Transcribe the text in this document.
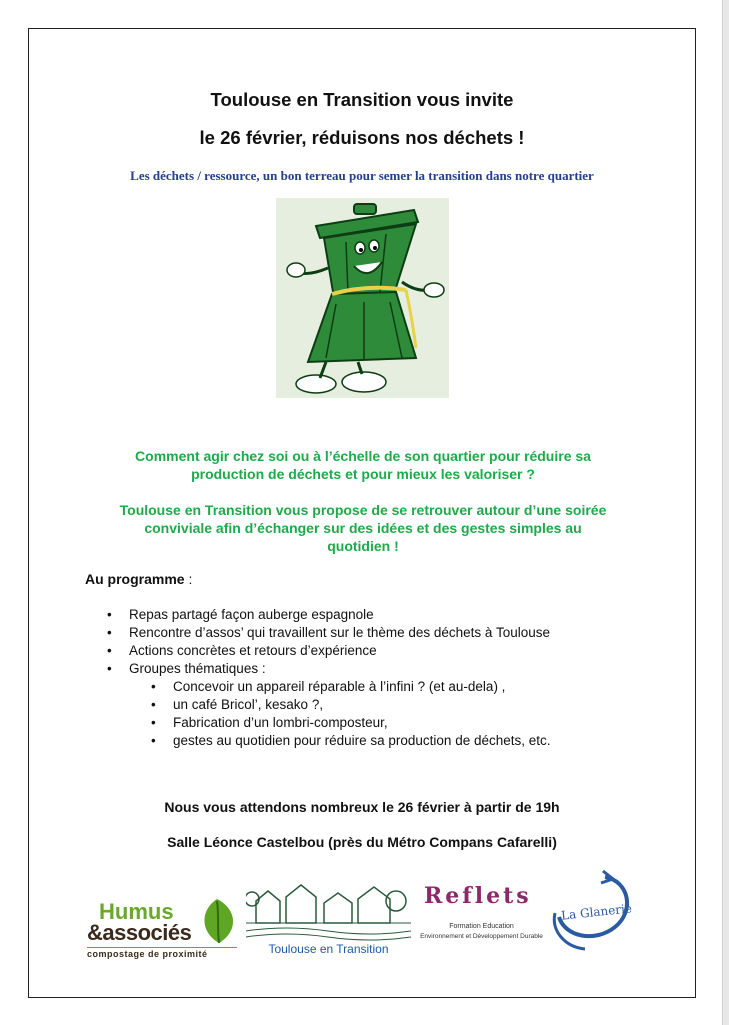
Toulouse en Transition vous invite
le 26 février, réduisons nos déchets !
Les déchets / ressource, un bon terreau pour semer la transition dans notre quartier
Comment agir chez soi ou à l’échelle de son quartier pour réduire sa
production de déchets et pour mieux les valoriser ?
Toulouse en Transition vous propose de se retrouver autour d’une soirée
conviviale afin d’échanger sur des idées et des gestes simples au
quotidien !
Au programme :
• Repas partagé façon auberge espagnole
• Rencontre d’assos’ qui travaillent sur le thème des déchets à Toulouse
• Actions concrètes et retours d’expérience
• Groupes thématiques :
• Concevoir un appareil réparable à l’infini ? (et au-dela) ,
• un café Bricol’, kesako ?,
• Fabrication d’un lombri-composteur,
• gestes au quotidien pour réduire sa production de déchets, etc.
Nous vous attendons nombreux le 26 février à partir de 19h
Salle Léonce Castelbou (près du Métro Compans Cafarelli)
Humus
&associés
compostage de proximité	Toulouse en Transition
Reflets
Formation Education
Environnement et Développement Durable
La Glanerie
